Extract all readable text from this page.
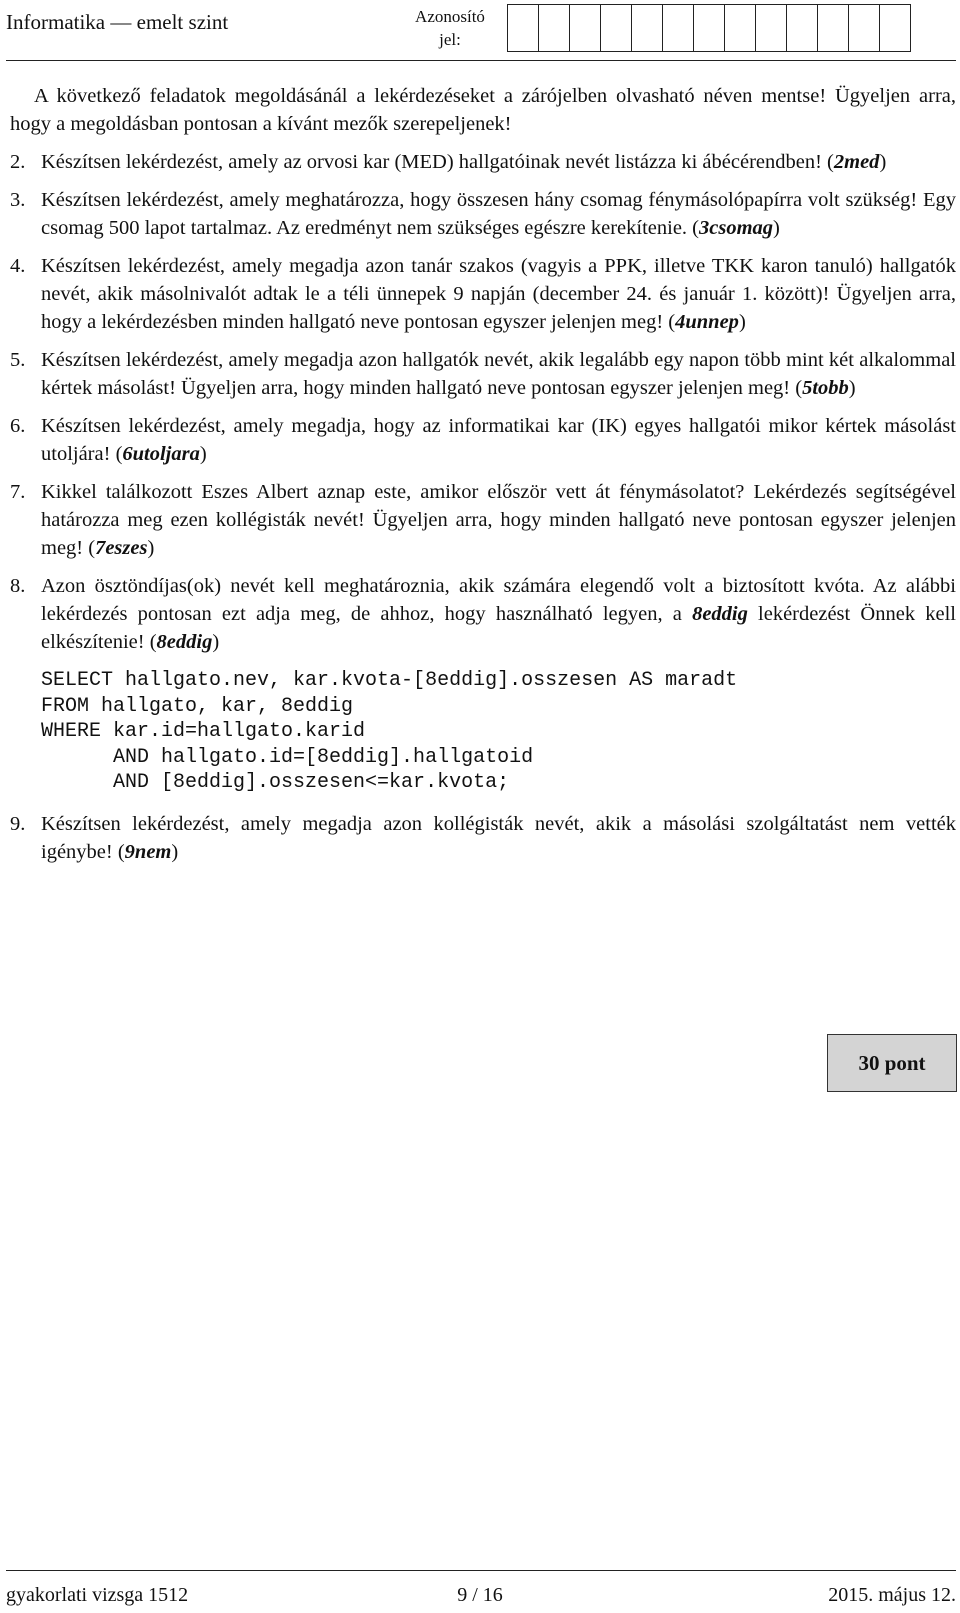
Informatika — emelt szint	Azonosító
jel:

A következő feladatok megoldásánál a lekérdezéseket a zárójelben olvasható néven mentse! Ügyeljen arra, hogy a megoldásban pontosan a kívánt mezők szerepeljenek!

2. Készítsen lekérdezést, amely az orvosi kar (MED) hallgatóinak nevét listázza ki ábécérendben! (2med)
3. Készítsen lekérdezést, amely meghatározza, hogy összesen hány csomag fénymásolópapírra volt szükség! Egy csomag 500 lapot tartalmaz. Az eredményt nem szükséges egészre kerekítenie. (3csomag)
4. Készítsen lekérdezést, amely megadja azon tanár szakos (vagyis a PPK, illetve TKK karon tanuló) hallgatók nevét, akik másolnivalót adtak le a téli ünnepek 9 napján (december 24. és január 1. között)! Ügyeljen arra, hogy a lekérdezésben minden hallgató neve pontosan egyszer jelenjen meg! (4unnep)
5. Készítsen lekérdezést, amely megadja azon hallgatók nevét, akik legalább egy napon több mint két alkalommal kértek másolást! Ügyeljen arra, hogy minden hallgató neve pontosan egyszer jelenjen meg! (5tobb)
6. Készítsen lekérdezést, amely megadja, hogy az informatikai kar (IK) egyes hallgatói mikor kértek másolást utoljára! (6utoljara)
7. Kikkel találkozott Eszes Albert aznap este, amikor először vett át fénymásolatot? Lekérdezés segítségével határozza meg ezen kollégisták nevét! Ügyeljen arra, hogy minden hallgató neve pontosan egyszer jelenjen meg! (7eszes)
8. Azon ösztöndíjas(ok) nevét kell meghatároznia, akik számára elegendő volt a biztosított kvóta. Az alábbi lekérdezés pontosan ezt adja meg, de ahhoz, hogy használható legyen, a 8eddig lekérdezést Önnek kell elkészítenie! (8eddig)
SELECT hallgato.nev, kar.kvota-[8eddig].osszesen AS maradt
FROM hallgato, kar, 8eddig
WHERE kar.id=hallgato.karid
AND hallgato.id=[8eddig].hallgatoid
AND [8eddig].osszesen<=kar.kvota;
9. Készítsen lekérdezést, amely megadja azon kollégisták nevét, akik a másolási szolgáltatást nem vették igénybe! (9nem)
30 pont
gyakorlati vizsga 1512	9 / 16	2015. május 12.
